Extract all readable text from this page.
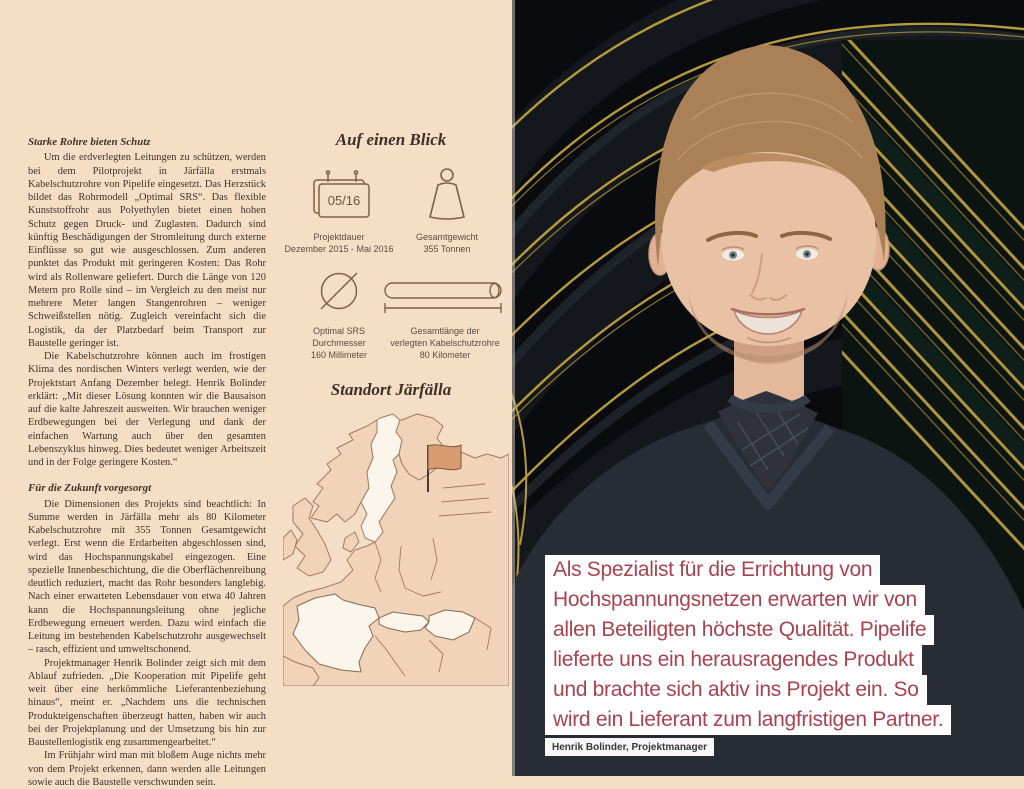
Starke Rohre bieten Schutz

Um die erdverlegten Leitungen zu schützen, werden bei dem Pilotprojekt in Järfälla erstmals Kabelschutzrohre von Pipelife eingesetzt. Das Herzstück bildet das Rohrmodell „Optimal SRS“. Das flexible Kunststoffrohr aus Polyethylen bietet einen hohen Schutz gegen Druck- und Zuglasten. Dadurch sind künftig Beschädigungen der Stromleitung durch externe Einflüsse so gut wie ausgeschlossen. Zum anderen punktet das Produkt mit geringeren Kosten: Das Rohr wird als Rollenware geliefert. Durch die Länge von 120 Metern pro Rolle sind – im Vergleich zu den meist nur mehrere Meter langen Stangenrohren – weniger Schweißstellen nötig. Zugleich vereinfacht sich die Logistik, da der Platzbedarf beim Transport zur Baustelle geringer ist.

Die Kabelschutzrohre können auch im frostigen Klima des nordischen Winters verlegt werden, wie der Projektstart Anfang Dezember belegt. Henrik Bolinder erklärt: „Mit dieser Lösung konnten wir die Bausaison auf die kalte Jahreszeit ausweiten. Wir brauchen weniger Erdbewegungen bei der Verlegung und dank der einfachen Wartung auch über den gesamten Lebenszyklus hinweg. Dies bedeutet weniger Arbeitszeit und in der Folge geringere Kosten.“

Für die Zukunft vorgesorgt

Die Dimensionen des Projekts sind beachtlich: In Summe werden in Järfälla mehr als 80 Kilometer Kabelschutzrohre mit 355 Tonnen Gesamtgewicht verlegt. Erst wenn die Erdarbeiten abgeschlossen sind, wird das Hochspannungskabel eingezogen. Eine spezielle Innenbeschichtung, die die Oberflächenreibung deutlich reduziert, macht das Rohr besonders langlebig. Nach einer erwarteten Lebensdauer von etwa 40 Jahren kann die Hochspannungsleitung ohne jegliche Erdbewegung erneuert werden. Dazu wird einfach die Leitung im bestehenden Kabelschutzrohr ausgewechselt – rasch, effizient und umweltschonend.

Projektmanager Henrik Bolinder zeigt sich mit dem Ablauf zufrieden. „Die Kooperation mit Pipelife geht weit über eine herkömmliche Lieferantenbeziehung hinaus“, meint er. „Nachdem uns die technischen Produkteigenschaften überzeugt hatten, haben wir auch bei der Projektplanung und der Umsetzung bis hin zur Baustellenlogistik eng zusammengearbeitet.“

Im Frühjahr wird man mit bloßem Auge nichts mehr von dem Projekt erkennen, dann werden alle Leitungen sowie auch die Baustelle verschwunden sein.

Auf einen Blick
05/16
Projektdauer
Dezember 2015 - Mai 2016
Gesamtgewicht
355 Tonnen
Optimal SRS
Durchmesser
160 Millimeter
Gesamtlänge der
verlegten Kabelschutzrohre
80 Kilometer
Standort Järfälla
Als Spezialist für die Errichtung von
Hochspannungsnetzen erwarten wir von
allen Beteiligten höchste Qualität. Pipelife
lieferte uns ein herausragendes Produkt
und brachte sich aktiv ins Projekt ein. So
wird ein Lieferant zum langfristigen Partner.
Henrik Bolinder, Projektmanager
